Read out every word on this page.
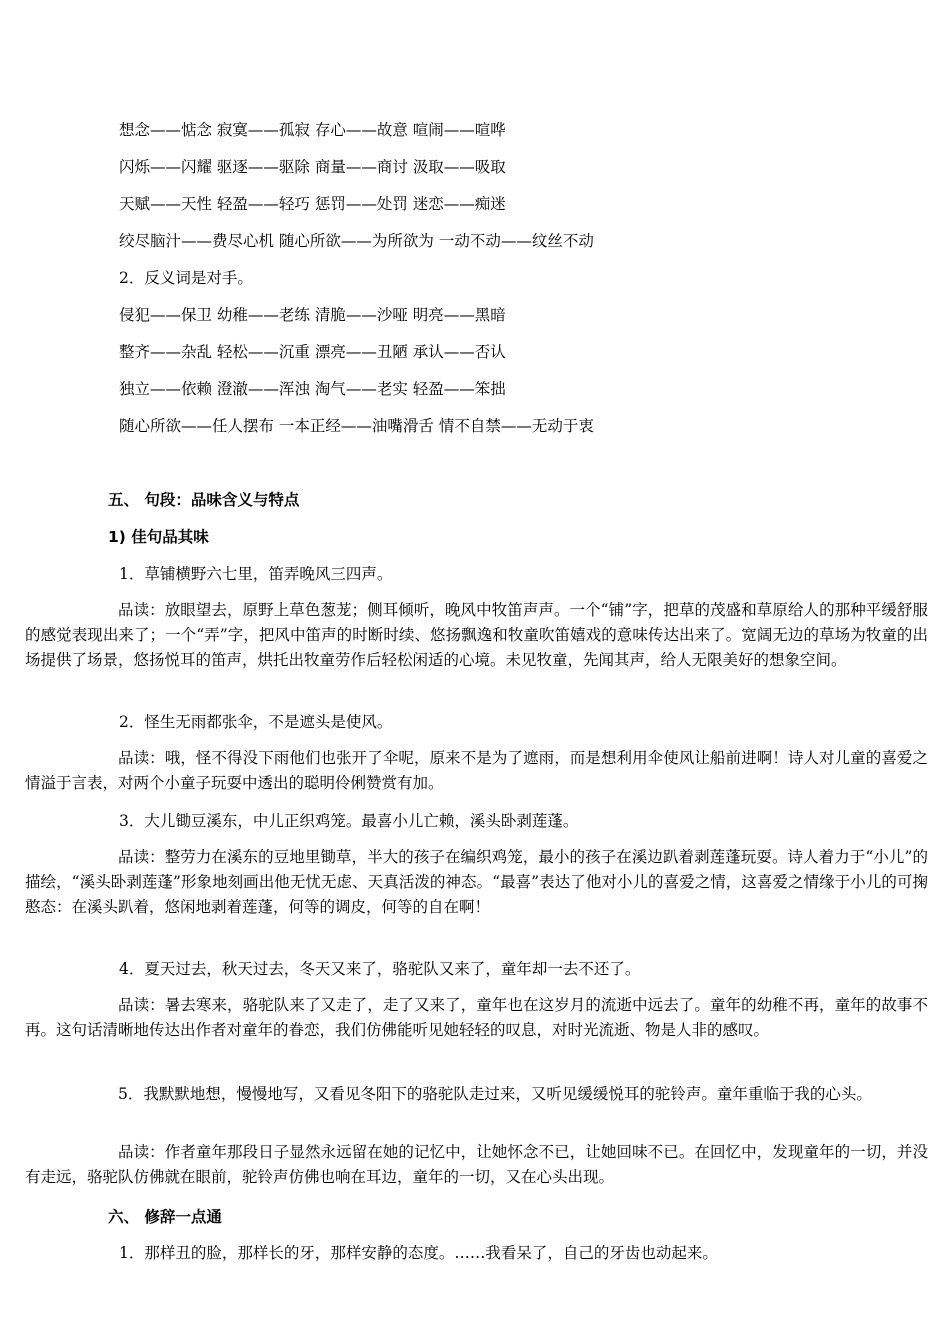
想念——惦念 寂寞——孤寂 存心——故意 喧闹——喧哗
闪烁——闪耀 驱逐——驱除 商量——商讨 汲取——吸取
天赋——天性 轻盈——轻巧 惩罚——处罚 迷恋——痴迷
绞尽脑汁——费尽心机 随心所欲——为所欲为 一动不动——纹丝不动
2．反义词是对手。
侵犯——保卫 幼稚——老练 清脆——沙哑 明亮——黑暗
整齐——杂乱 轻松——沉重 漂亮——丑陋 承认——否认
独立——依赖 澄澈——浑浊 淘气——老实 轻盈——笨拙
随心所欲——任人摆布 一本正经——油嘴滑舌 情不自禁——无动于衷
五、 句段：品味含义与特点
1) 佳句品其味
1．草铺横野六七里，笛弄晚风三四声。

品读：放眼望去，原野上草色葱茏；侧耳倾听，晚风中牧笛声声。一个“铺”字，把草的茂盛和草原给人的那种平缓舒服的感觉表现出来了；一个“弄”字，把风中笛声的时断时续、悠扬飘逸和牧童吹笛嬉戏的意味传达出来了。宽阔无边的草场为牧童的出场提供了场景，悠扬悦耳的笛声，烘托出牧童劳作后轻松闲适的心境。未见牧童，先闻其声，给人无限美好的想象空间。

2．怪生无雨都张伞，不是遮头是使风。

品读：哦，怪不得没下雨他们也张开了伞呢，原来不是为了遮雨，而是想利用伞使风让船前进啊！诗人对儿童的喜爱之情溢于言表，对两个小童子玩耍中透出的聪明伶俐赞赏有加。

3．大儿锄豆溪东，中儿正织鸡笼。最喜小儿亡赖，溪头卧剥莲蓬。

品读：整劳力在溪东的豆地里锄草，半大的孩子在编织鸡笼，最小的孩子在溪边趴着剥莲蓬玩耍。诗人着力于“小儿”的描绘，“溪头卧剥莲蓬”形象地刻画出他无忧无虑、天真活泼的神态。“最喜”表达了他对小儿的喜爱之情，这喜爱之情缘于小儿的可掬憨态：在溪头趴着，悠闲地剥着莲蓬，何等的调皮，何等的自在啊！

4．夏天过去，秋天过去，冬天又来了，骆驼队又来了，童年却一去不还了。

品读：暑去寒来，骆驼队来了又走了，走了又来了，童年也在这岁月的流逝中远去了。童年的幼稚不再，童年的故事不再。这句话清晰地传达出作者对童年的眷恋，我们仿佛能听见她轻轻的叹息，对时光流逝、物是人非的感叹。

5．我默默地想，慢慢地写，又看见冬阳下的骆驼队走过来，又听见缓缓悦耳的驼铃声。童年重临于我的心头。

品读：作者童年那段日子显然永远留在她的记忆中，让她怀念不已，让她回味不已。在回忆中，发现童年的一切，并没有走远，骆驼队仿佛就在眼前，驼铃声仿佛也响在耳边，童年的一切，又在心头出现。

六、 修辞一点通
1．那样丑的脸，那样长的牙，那样安静的态度。……我看呆了，自己的牙齿也动起来。
